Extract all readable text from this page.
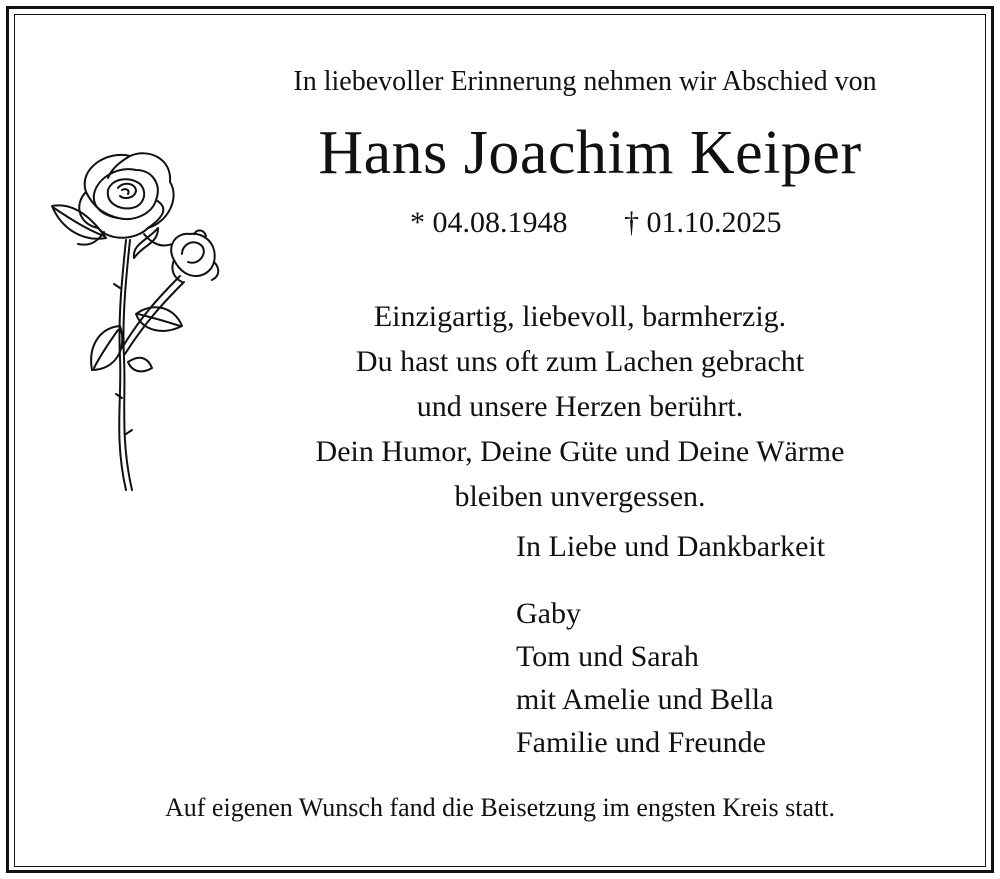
In liebevoller Erinnerung nehmen wir Abschied von
Hans Joachim Keiper
* 04.08.1948 † 01.10.2025
Einzigartig, liebevoll, barmherzig.
Du hast uns oft zum Lachen gebracht
und unsere Herzen berührt.
Dein Humor, Deine Güte und Deine Wärme
bleiben unvergessen.
In Liebe und Dankbarkeit
Gaby
Tom und Sarah
mit Amelie und Bella
Familie und Freunde
Auf eigenen Wunsch fand die Beisetzung im engsten Kreis statt.
